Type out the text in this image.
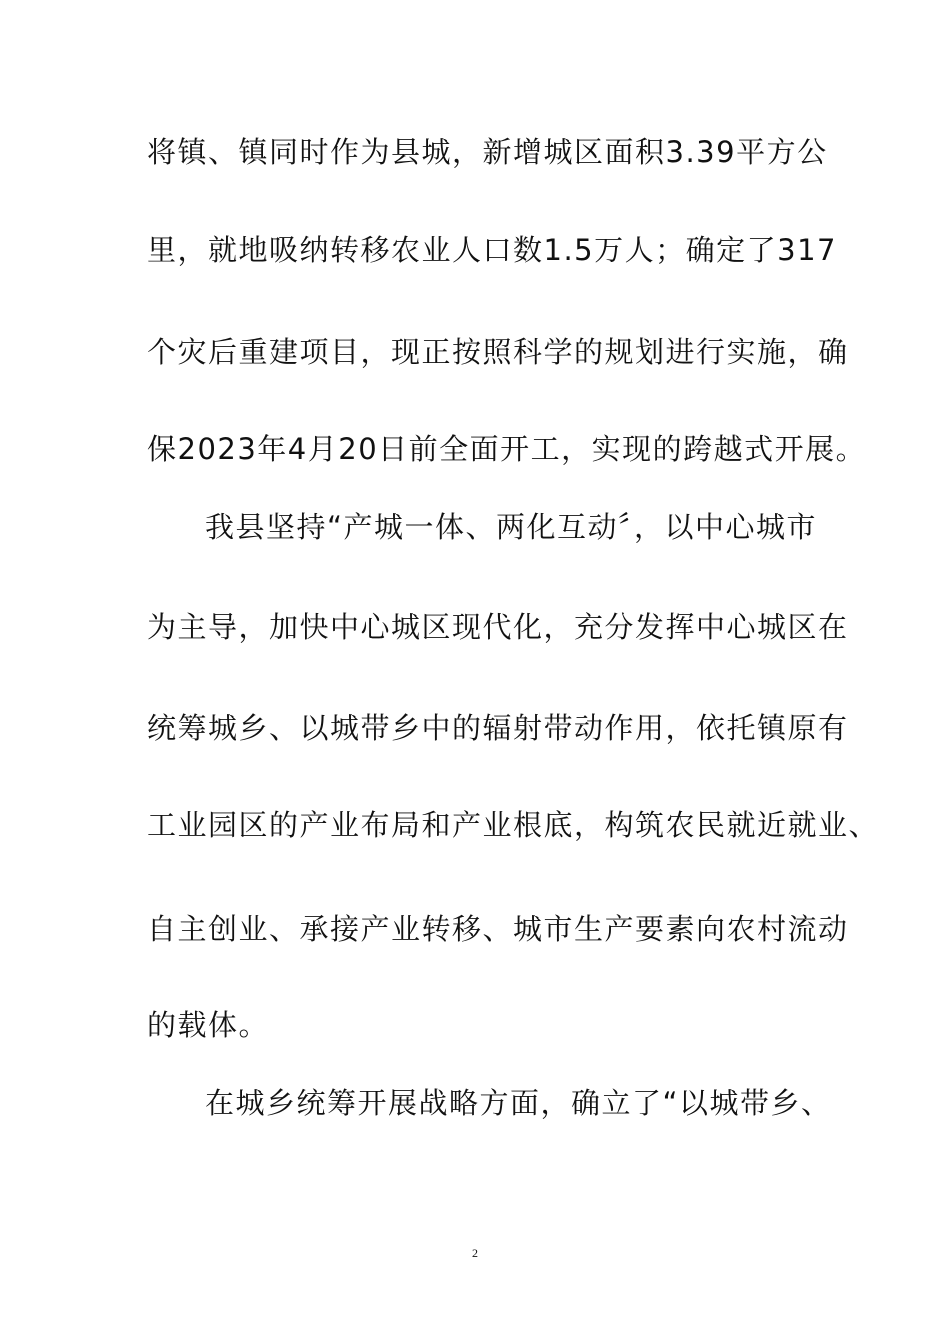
将镇、镇同时作为县城，新增城区面积3.39平方公
里，就地吸纳转移农业人口数1.5万人；确定了317
个灾后重建项目，现正按照科学的规划进行实施，确
保2023年4月20日前全面开工，实现的跨越式开展。
我县坚持“产城一体、两化互动〞，以中心城市
为主导，加快中心城区现代化，充分发挥中心城区在
统筹城乡、以城带乡中的辐射带动作用，依托镇原有
工业园区的产业布局和产业根底，构筑农民就近就业、
自主创业、承接产业转移、城市生产要素向农村流动
的载体。
在城乡统筹开展战略方面，确立了“以城带乡、
2
